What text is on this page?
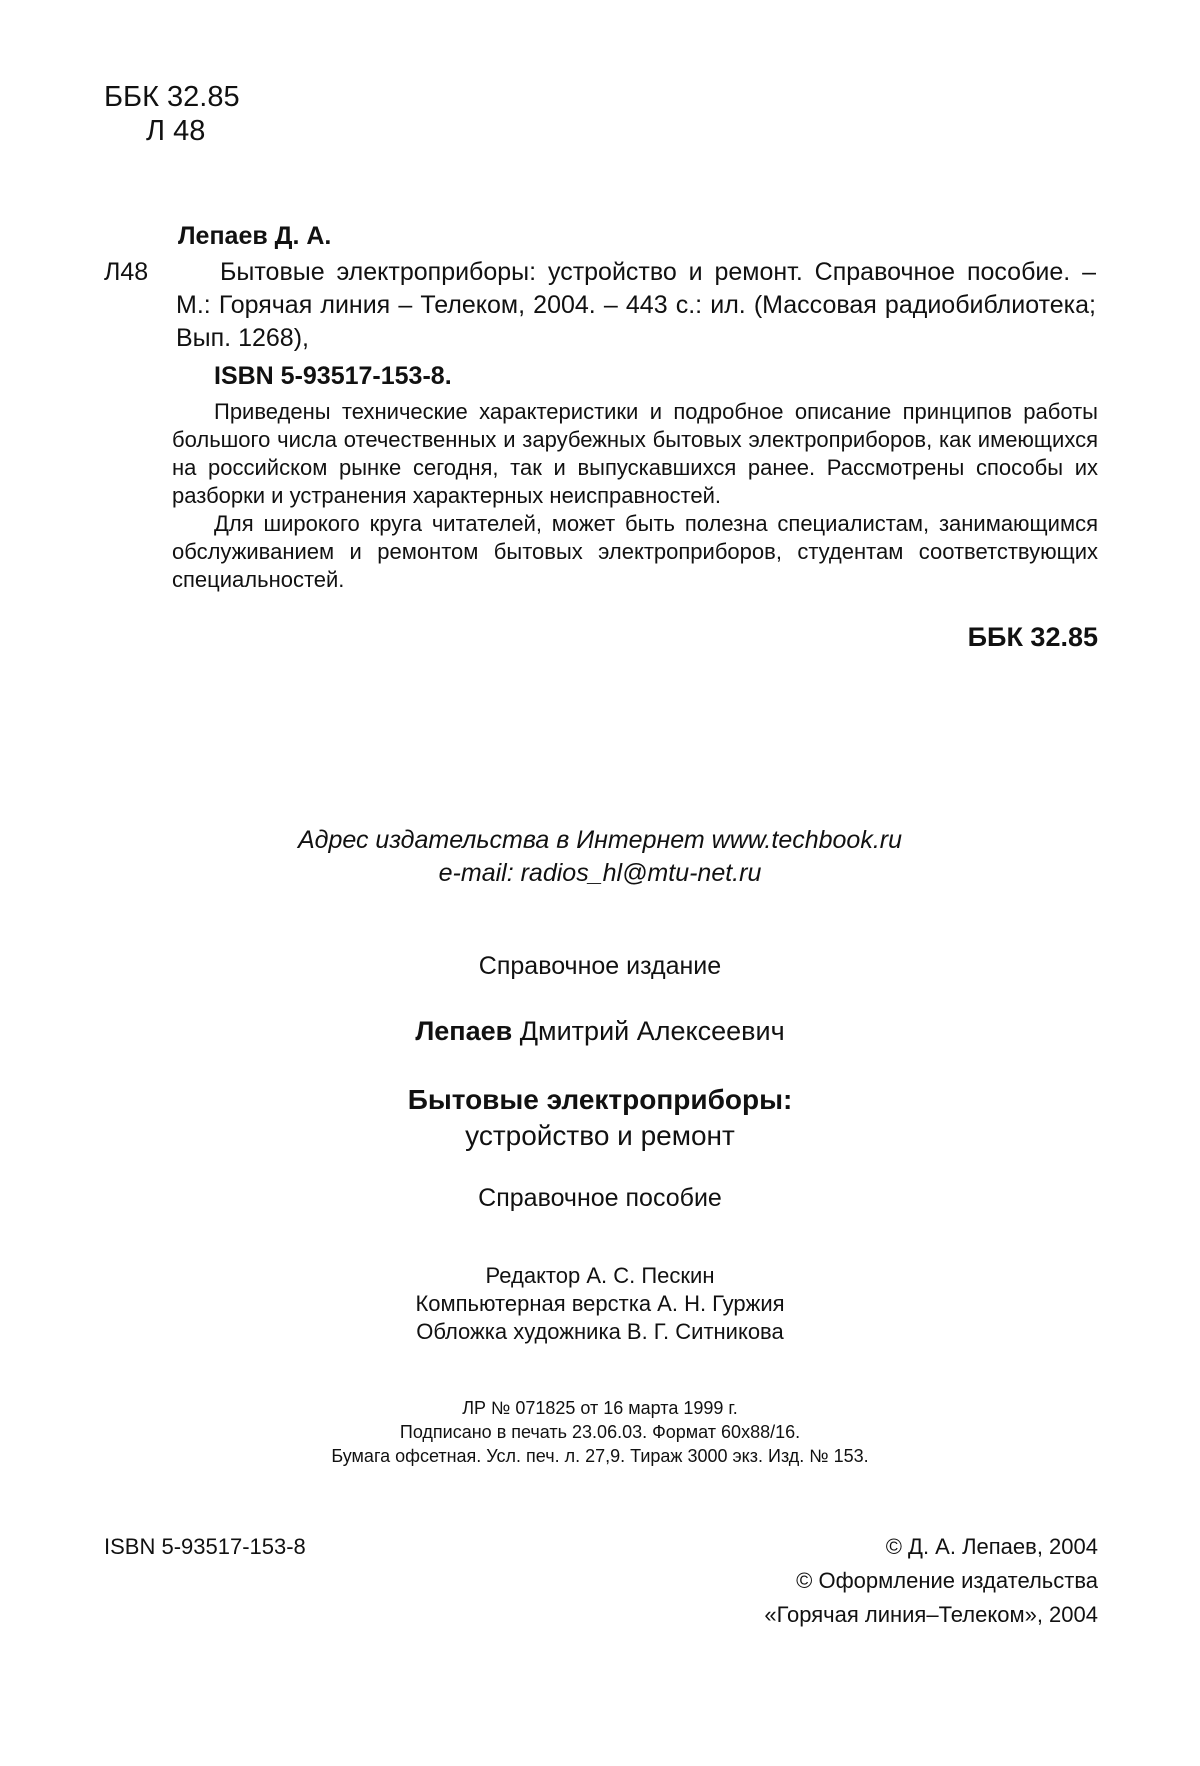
ББК 32.85
Л 48
Лепаев Д. А.
Л48	Бытовые электроприборы: устройство и ремонт. Справочное пособие. – М.: Горячая линия – Телеком, 2004. – 443 с.: ил. (Массовая радиобиблиотека; Вып. 1268),
ISBN 5-93517-153-8.

Приведены технические характеристики и подробное описание принципов работы большого числа отечественных и зарубежных бытовых электроприборов, как имеющихся на российском рынке сегодня, так и выпускавшихся ранее. Рассмотрены способы их разборки и устранения характерных неисправностей.

Для широкого круга читателей, может быть полезна специалистам, занимающимся обслуживанием и ремонтом бытовых электроприборов, студентам соответствующих специальностей.

ББК 32.85
Адрес издательства в Интернет www.techbook.ru
e-mail: radios_hl@mtu-net.ru
Справочное издание
Лепаев Дмитрий Алексеевич
Бытовые электроприборы:
устройство и ремонт
Справочное пособие
Редактор А. С. Пескин
Компьютерная верстка А. Н. Гуржия
Обложка художника В. Г. Ситникова
ЛР № 071825 от 16 марта 1999 г.
Подписано в печать 23.06.03. Формат 60х88/16.
Бумага офсетная. Усл. печ. л. 27,9. Тираж 3000 экз. Изд. № 153.
ISBN 5-93517-153-8	© Д. А. Лепаев, 2004
© Оформление издательства
«Горячая линия–Телеком», 2004
